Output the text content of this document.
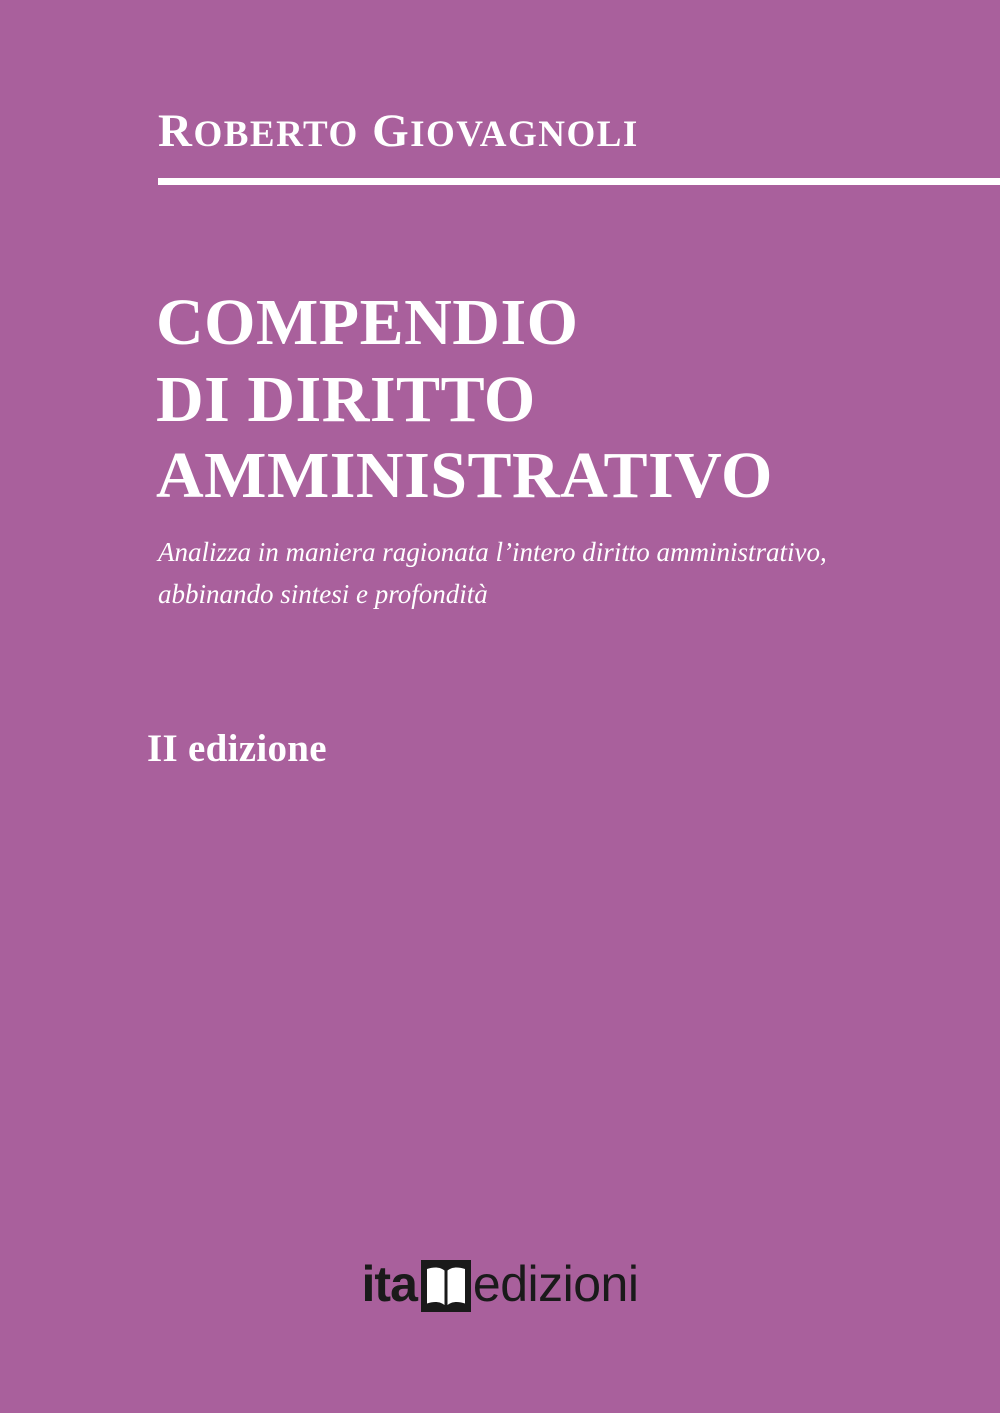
ROBERTO GIOVAGNOLI
COMPENDIO
DI DIRITTO
AMMINISTRATIVO
Analizza in maniera ragionata l’intero diritto amministrativo,
abbinando sintesi e profondità
II edizione
ita edizioni
